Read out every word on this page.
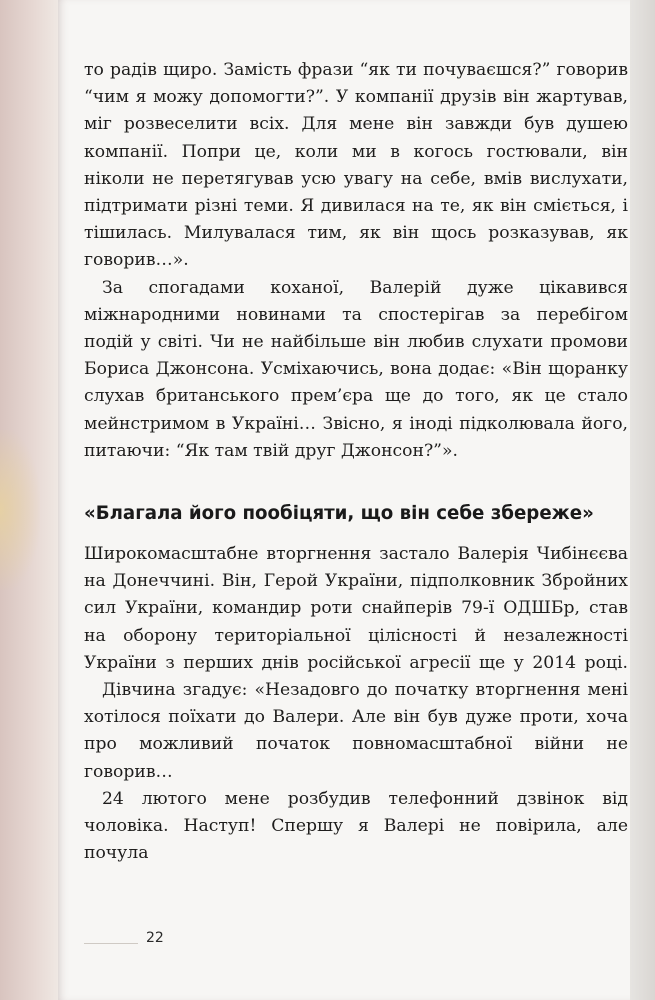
то радів щиро. Замість фрази “як ти почуваєшся?” говорив “чим я можу допомогти?”. У компанії друзів він жартував, міг розвеселити всіх. Для мене він завжди був душею компанії. Попри це, коли ми в когось гостювали, він ніколи не перетягував усю увагу на себе, вмів вислухати, підтримати різні теми. Я дивилася на те, як він сміється, і тішилась. Милувалася тим, як він щось розказував, як говорив…».

За спогадами коханої, Валерій дуже цікавився міжнародними новинами та спостерігав за перебігом подій у світі. Чи не найбільше він любив слухати промови Бориса Джонсона. Усміхаючись, вона додає: «Він щоранку слухав британського прем’єра ще до того, як це стало мейнстримом в Україні… Звісно, я іноді підколювала його, питаючи: “Як там твій друг Джонсон?”».

«Благала його пообіцяти, що він себе збереже»

Широкомасштабне вторгнення застало Валерія Чибінєєва на Донеччині. Він, Герой України, підполковник Збройних сил України, командир роти снайперів 79-ї ОДШБр, став на оборону територіальної цілісності й незалежності України з перших днів російської агресії ще у 2014 році.

Дівчина згадує: «Незадовго до початку вторгнення мені хотілося поїхати до Валери. Але він був дуже проти, хоча про можливий початок повномасштабної війни не говорив…

24 лютого мене розбудив телефонний дзвінок від чоловіка. Наступ! Спершу я Валері не повірила, але почула

22
